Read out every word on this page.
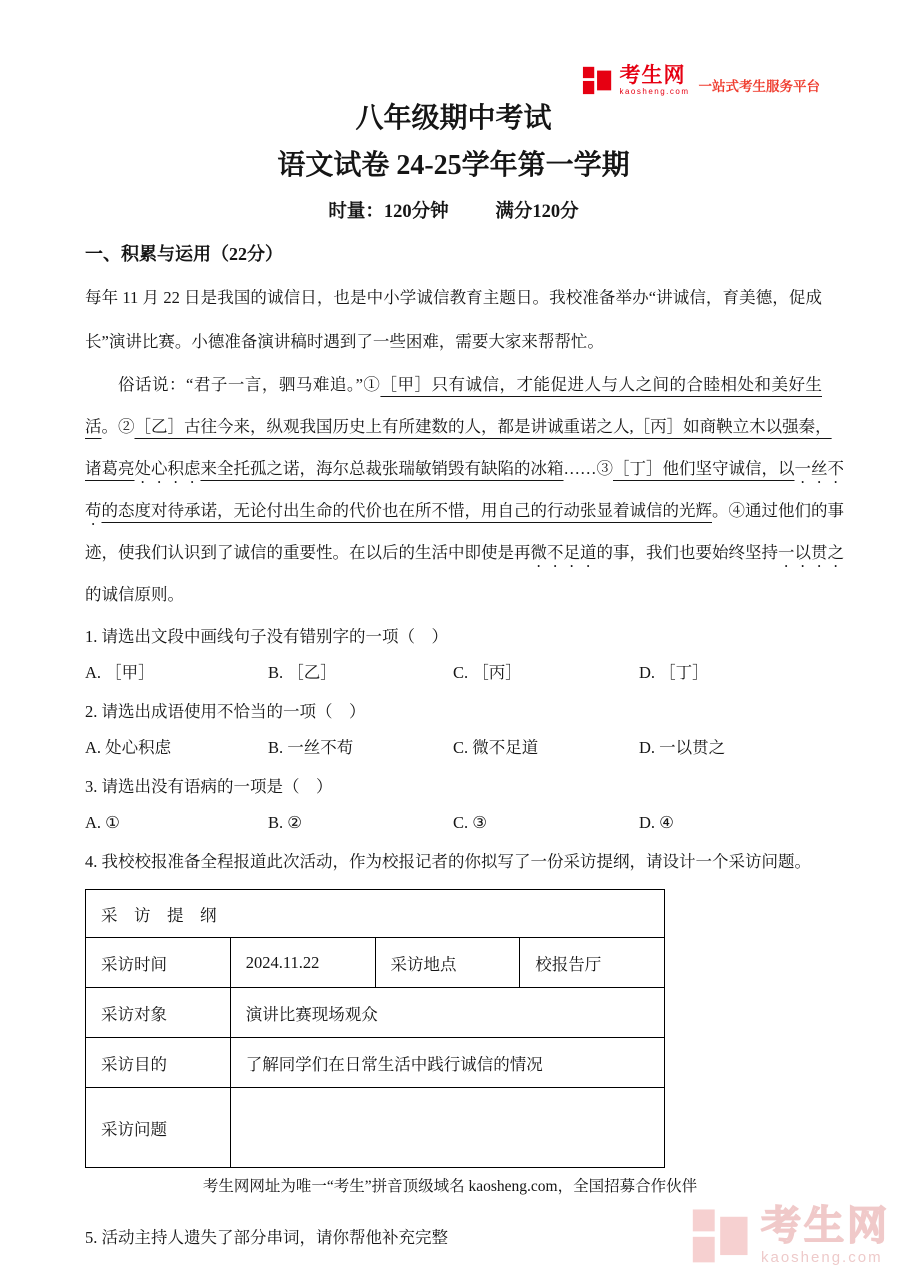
考生网
kaosheng.com 一站式考生服务平台
八年级期中考试
语文试卷 24-25学年第一学期
时量：120分钟	满分120分
一、积累与运用（22分）
每年 11 月 22 日是我国的诚信日，也是中小学诚信教育主题日。我校准备举办“讲诚信，育美德，促成
长”演讲比赛。小德准备演讲稿时遇到了一些困难，需要大家来帮帮忙。
俗话说：“君子一言，驷马难追。”①［甲］只有诚信，才能促进人与人之间的合睦相处和美好生
活。②［乙］古往今来，纵观我国历史上有所建数的人，都是讲诚重诺之人,［丙］如商鞅立木以强秦，
诸葛亮处心积虑来全托孤之诺，海尔总裁张瑞敏销毁有缺陷的冰箱……③［丁］他们坚守诚信，以一丝不
苟的态度对待承诺，无论付出生命的代价也在所不惜，用自己的行动张显着诚信的光辉。④通过他们的事
迹，使我们认识到了诚信的重要性。在以后的生活中即使是再微不足道的事，我们也要始终坚持一以贯之
的诚信原则。
1. 请选出文段中画线句子没有错别字的一项（　）
A. ［甲］	B. ［乙］	C. ［丙］	D. ［丁］
2. 请选出成语使用不恰当的一项（　）
A. 处心积虑	B. 一丝不苟	C. 微不足道	D. 一以贯之
3. 请选出没有语病的一项是（　）
A. ①	B. ②	C. ③	D. ④
4. 我校校报准备全程报道此次活动，作为校报记者的你拟写了一份采访提纲，请设计一个采访问题。
采　访　提　纲			
采访时间	2024.11.22	采访地点	校报告厅
采访对象	演讲比赛现场观众		
采访目的	了解同学们在日常生活中践行诚信的情况		
采访问题			
5. 活动主持人遗失了部分串词，请你帮他补充完整
考生网网址为唯一“考生”拼音顶级域名 kaosheng.com，全国招募合作伙伴
考生网
kaosheng.com
